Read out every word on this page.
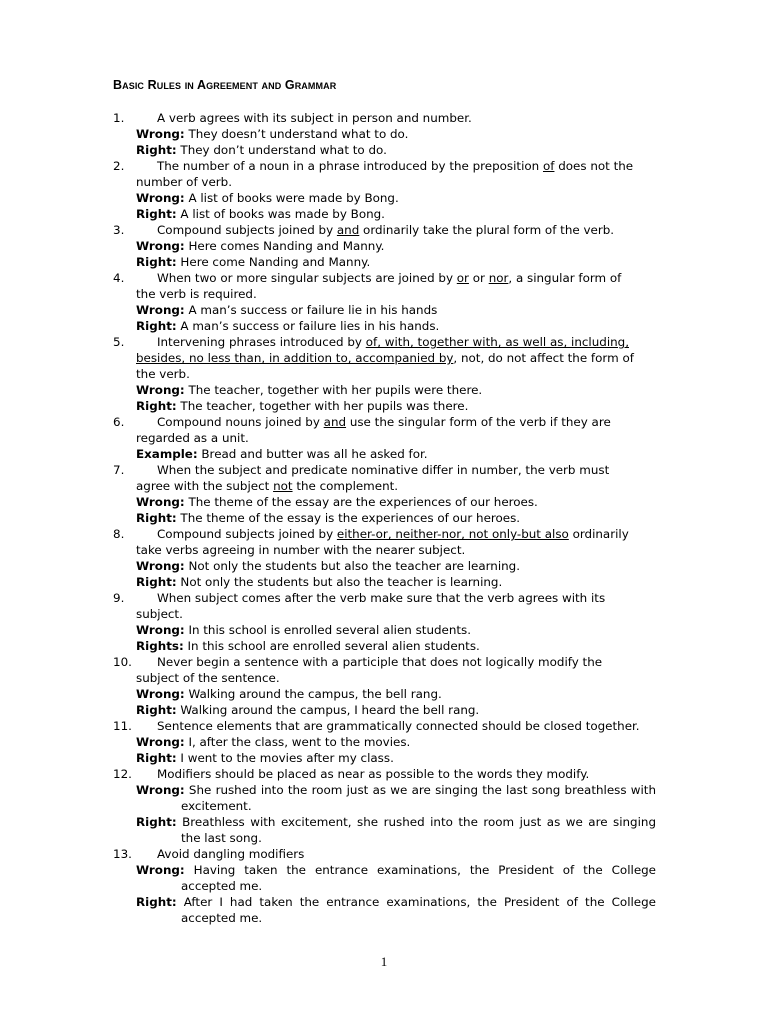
Basic Rules in Agreement and Grammar
1.	A verb agrees with its subject in person and number.
Wrong: They doesn’t understand what to do.
Right: They don’t understand what to do.
2.	The number of a noun in a phrase introduced by the preposition of does not the
number of verb.
Wrong: A list of books were made by Bong.
Right: A list of books was made by Bong.
3.	Compound subjects joined by and ordinarily take the plural form of the verb.
Wrong: Here comes Nanding and Manny.
Right: Here come Nanding and Manny.
4.	When two or more singular subjects are joined by or or nor, a singular form of
the verb is required.
Wrong: A man’s success or failure lie in his hands
Right: A man’s success or failure lies in his hands.
5.	Intervening phrases introduced by of, with, together with, as well as, including,
besides, no less than, in addition to, accompanied by, not, do not affect the form of
the verb.
Wrong: The teacher, together with her pupils were there.
Right: The teacher, together with her pupils was there.
6.	Compound nouns joined by and use the singular form of the verb if they are
regarded as a unit.
Example: Bread and butter was all he asked for.
7.	When the subject and predicate nominative differ in number, the verb must
agree with the subject not the complement.
Wrong: The theme of the essay are the experiences of our heroes.
Right: The theme of the essay is the experiences of our heroes.
8.	Compound subjects joined by either-or, neither-nor, not only-but also ordinarily
take verbs agreeing in number with the nearer subject.
Wrong: Not only the students but also the teacher are learning.
Right: Not only the students but also the teacher is learning.
9.	When subject comes after the verb make sure that the verb agrees with its
subject.
Wrong: In this school is enrolled several alien students.
Rights: In this school are enrolled several alien students.
10.	Never begin a sentence with a participle that does not logically modify the
subject of the sentence.
Wrong: Walking around the campus, the bell rang.
Right: Walking around the campus, I heard the bell rang.
11.	Sentence elements that are grammatically connected should be closed together.
Wrong: I, after the class, went to the movies.
Right: I went to the movies after my class.
12.	Modifiers should be placed as near as possible to the words they modify.
Wrong: She rushed into the room just as we are singing the last song breathless with excitement.
Right: Breathless with excitement, she rushed into the room just as we are singing the last song.
13.	Avoid dangling modifiers
Wrong: Having taken the entrance examinations, the President of the College accepted me.
Right: After I had taken the entrance examinations, the President of the College accepted me.
1
